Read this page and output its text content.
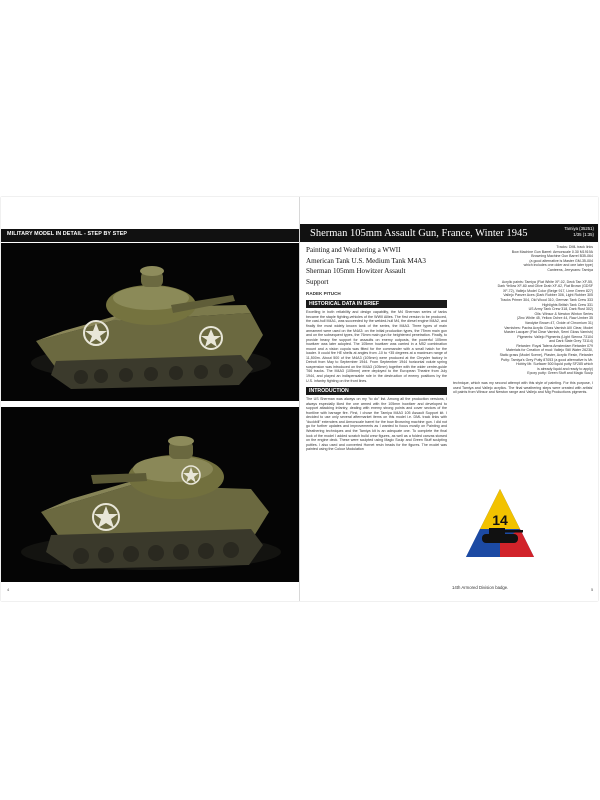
MILITARY MODEL IN DETAIL - STEP BY STEP
4
Sherman 105mm Assault Gun, France, Winter 1945	Tamiya (35251)
1/35 (1:35)
Painting and Weathering a WWII
American Tank U.S. Medium Tank M4A3
Sherman 105mm Howitzer Assault
Support
RADEK PITUCH
HISTORICAL DATA IN BRIEF
Excelling in both reliability and design capability, the M4 Sherman series of tanks became the staple fighting-vehicles of the WWII Allies. The first version to be produced, the cast-hull M4A1, was succeeded by the welded-hull M4, the diesel engine M4A2, and finally the most widely known tank of the series, the M4A3. Three types of main armament were used on the M4A3: on the initial production types, the 75mm main gun and on the subsequent types, the 76mm main gun for heightened penetration. Finally, to provide heavy fire support for assaults on enemy outposts, the powerful 105mm howitzer was later adopted. The 105mm howitzer was carried in a M52 combination mount and a vision cupola was fitted for the commander with a small hatch for the loader. It could fire HE shells at angles from -10 to +35 degrees at a maximum range of 11,500m. About 500 of the M4A3 (105mm) were produced at the Chrysler factory in Detroit from May to September 1944. From September 1944 horizontal volute spring suspension was introduced on the M4A3 (105mm) together with the wider centre-guide T66 tracks. The M4A3 (105mm) were deployed to the European Theatre from July 1944, and played an indispensable role in the destruction of enemy positions by the U.S. infantry fighting on the front lines.
INTRODUCTION
The US Sherman was always on my "to do" list. Among all the production versions, I always especially liked the one armed with the 105mm howitzer and developed to support attacking infantry, dealing with enemy strong points and cover sectors of the frontline with barrage fire. First, I chose the Tamiya M4A3 105 Assault Support kit. I decided to use only several aftermarket items on this model i.e. DML track links with "duckbill" extenders and Armorscale barrel for the bow Browning machine gun. I did not go for further updates and improvements as I wanted to focus mostly on Painting and Weathering techniques and the Tamiya kit is an adequate one. To complete the final look of the model I added scratch build crew figures, as well as a folded canvas stowed on the engine deck. These were sculpted using Magic Sculp and Green Stuff sculpting putties. I also used and converted Hornet resin heads for the figures. The model was painted using the Colour Modulation
Tracks: DML track links
Bow Machine Gun Barrel: Armorscale 0.30 M1919A
Browning Machine Gun Barrel B35-064
(a good alternative is Master GM-35-004
which includes one older and one later type)
Canteens, Jerrycans: Tamiya
Acrylic paints: Tamiya (Flat White XF-02, Deck Tan XF-55,
Dark Yellow XF-60 and Olive Drab XF-62, Flat Brown (GDSF
XF-72), Vallejo Model Color (Beige 917, Lime Green 827)
Vallejo Panzer Aces (Dark Rubber 306, Light Rubber 305
Tracks Primer 304, Old Wood 310, German Tank Crew 333
Highlights British Tank Crew 331
US Army Tank Crew 318, Dark Rust 302)
Oils: Winsor & Newton Winton Series
(Zinc White 45, Yellow Ochre 44, Raw Umber 35
Vandyke Brown 47, Oxide of Chromium 31)
Varnishes: Pactra Acrylic Gloss Varnish AIII Clear, Model
Master Lacquer (Flat Clear Varnish, Semi Gloss Varnish)
Pigments: Vallejo Pigments (Light Sienna 73104
and Dark Slate Grey 73114)
Retarder: Royal Talens Amsterdam Retarder 079
Materials for Creation of mud: Vallejo Still Water 26230,
Static grass (Model Scene), Plaster, Acrylic Resin, Retarder
Putty: Tamiya's Grey Putty 87053 (a good alternative is Mr.
Hobby Mr. Surfacer 500 liquid putty SF285 which
is already liquid and ready to apply)
Epoxy putty: Green Stuff and Magic Sculp
technique, which was my second attempt with this style of painting. For this purpose, I used Tamiya and Vallejo acrylics. The final weathering steps were created with artists' oil paints from Winsor and Newton range and Vallejo and Mig Productions pigments.
14
14th Armored Division badge.	5
